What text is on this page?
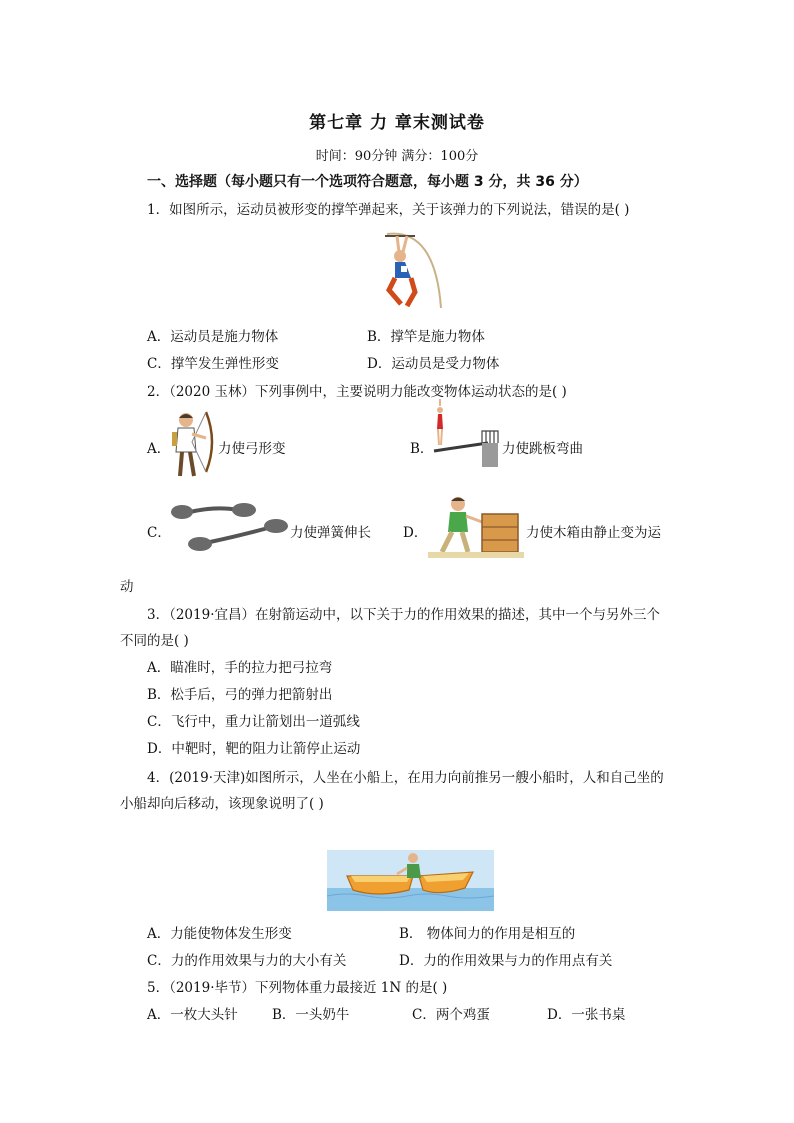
第七章 力 章末测试卷
时间：90分钟 满分：100分
一、选择题（每小题只有一个选项符合题意，每小题 3 分，共 36 分）
1．如图所示，运动员被形变的撑竿弹起来，关于该弹力的下列说法，错误的是( )
A．运动员是施力物体	B．撑竿是施力物体
C．撑竿发生弹性形变	D．运动员是受力物体
2．（2020 玉林）下列事例中，主要说明力能改变物体运动状态的是( )
A．	力使弓形变	B．	力使跳板弯曲
C．	力使弹簧伸长 D．	力使木箱由静止变为运
动
3．（2019·宜昌）在射箭运动中，以下关于力的作用效果的描述，其中一个与另外三个
不同的是( )
A．瞄准时，手的拉力把弓拉弯
B．松手后，弓的弹力把箭射出
C．飞行中，重力让箭划出一道弧线
D．中靶时，靶的阻力让箭停止运动
4．(2019·天津)如图所示，人坐在小船上，在用力向前推另一艘小船时，人和自己坐的
小船却向后移动，该现象说明了( )
A．力能使物体发生形变	B． 物体间力的作用是相互的
C．力的作用效果与力的大小有关	D．力的作用效果与力的作用点有关
5．（2019·毕节）下列物体重力最接近 1N 的是( )
A．一枚大头针	B．一头奶牛	C．两个鸡蛋	D．一张书桌
